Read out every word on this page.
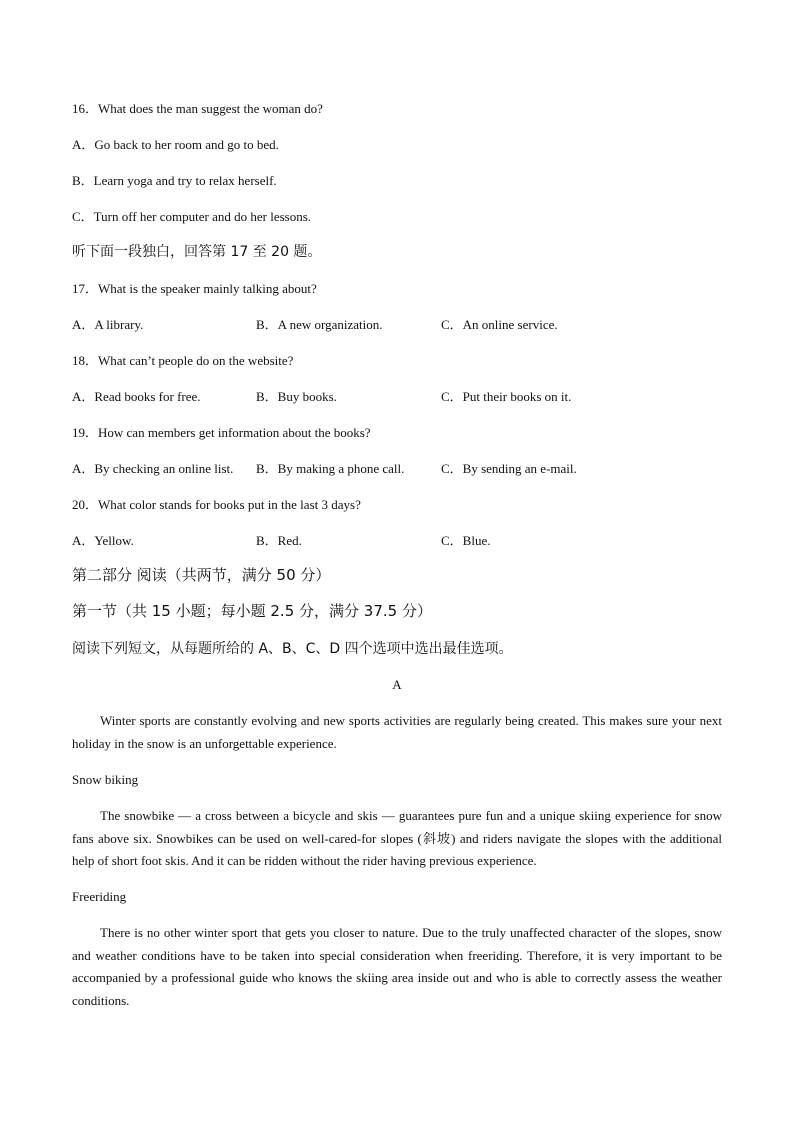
16．What does the man suggest the woman do?
A．Go back to her room and go to bed.
B．Learn yoga and try to relax herself.
C．Turn off her computer and do her lessons.
听下面一段独白，回答第 17 至 20 题。
17．What is the speaker mainly talking about?
A．A library.	B．A new organization.	C．An online service.
18．What can’t people do on the website?
A．Read books for free.	B．Buy books.	C．Put their books on it.
19．How can members get information about the books?
A．By checking an online list. B．By making a phone call.	C．By sending an e-mail.
20．What color stands for books put in the last 3 days?
A．Yellow.	B．Red.	C．Blue.
第二部分 阅读（共两节，满分 50 分）
第一节（共 15 小题；每小题 2.5 分，满分 37.5 分）
阅读下列短文，从每题所给的 A、B、C、D 四个选项中选出最佳选项。
A
Winter sports are constantly evolving and new sports activities are regularly being created. This makes sure your next holiday in the snow is an unforgettable experience.
Snow biking
The snowbike — a cross between a bicycle and skis — guarantees pure fun and a unique skiing experience for snow fans above six. Snowbikes can be used on well-cared-for slopes (斜坡) and riders navigate the slopes with the additional help of short foot skis. And it can be ridden without the rider having previous experience.
Freeriding
There is no other winter sport that gets you closer to nature. Due to the truly unaffected character of the slopes, snow and weather conditions have to be taken into special consideration when freeriding. Therefore, it is very important to be accompanied by a professional guide who knows the skiing area inside out and who is able to correctly assess the weather conditions.
